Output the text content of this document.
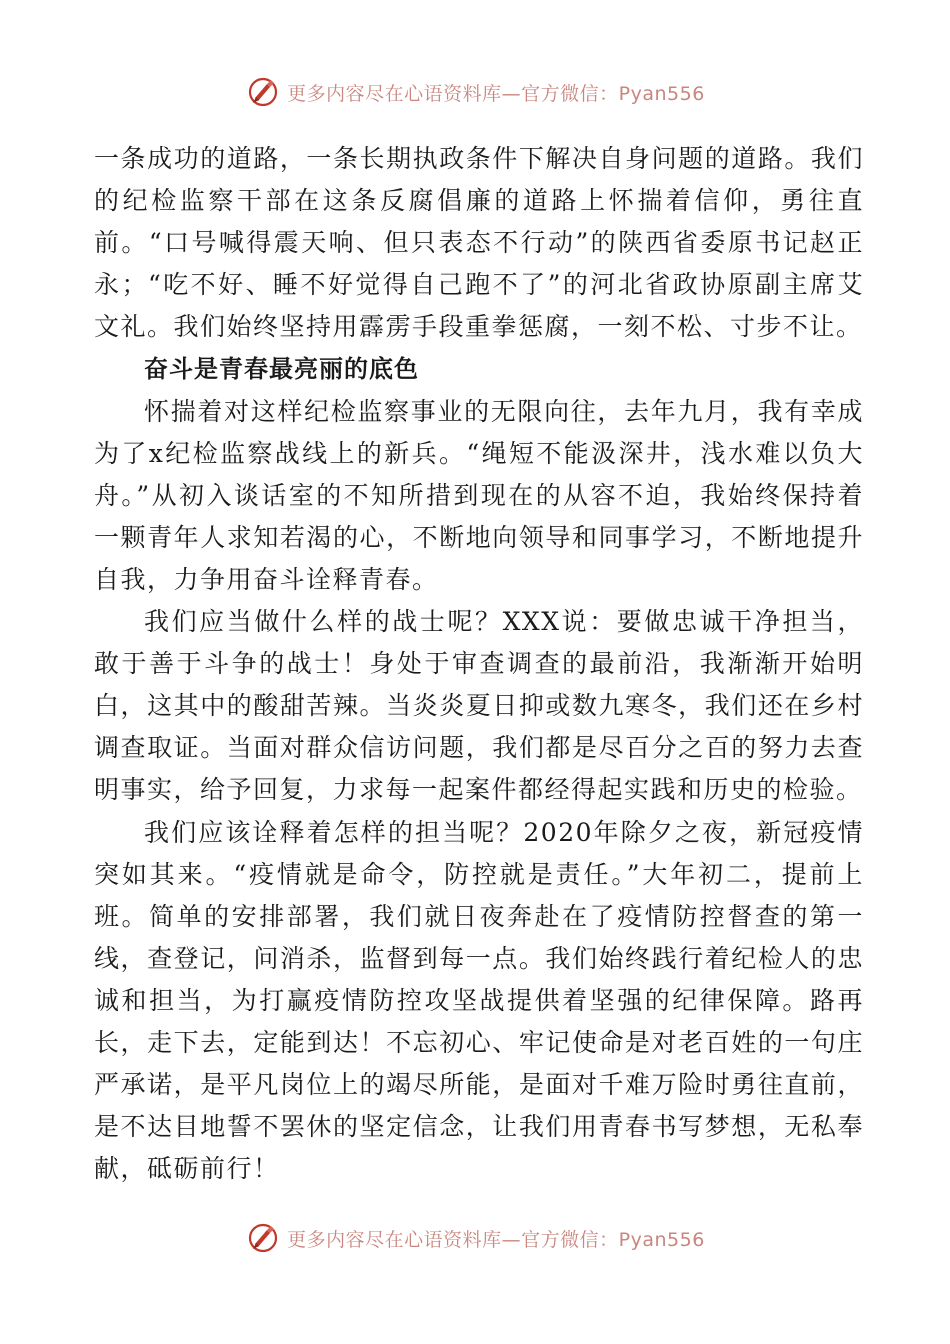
更多内容尽在心语资料库—官方微信：Pyan556

一条成功的道路，一条长期执政条件下解决自身问题的道路。我们的纪检监察干部在这条反腐倡廉的道路上怀揣着信仰，勇往直前。“口号喊得震天响、但只表态不行动”的陕西省委原书记赵正永；“吃不好、睡不好觉得自己跑不了”的河北省政协原副主席艾文礼。我们始终坚持用霹雳手段重拳惩腐，一刻不松、寸步不让。

奋斗是青春最亮丽的底色

怀揣着对这样纪检监察事业的无限向往，去年九月，我有幸成为了x纪检监察战线上的新兵。“绳短不能汲深井，浅水难以负大舟。”从初入谈话室的不知所措到现在的从容不迫，我始终保持着一颗青年人求知若渴的心，不断地向领导和同事学习，不断地提升自我，力争用奋斗诠释青春。

我们应当做什么样的战士呢？XXX说：要做忠诚干净担当，敢于善于斗争的战士！身处于审查调查的最前沿，我渐渐开始明白，这其中的酸甜苦辣。当炎炎夏日抑或数九寒冬，我们还在乡村调查取证。当面对群众信访问题，我们都是尽百分之百的努力去查明事实，给予回复，力求每一起案件都经得起实践和历史的检验。

我们应该诠释着怎样的担当呢？2020年除夕之夜，新冠疫情突如其来。“疫情就是命令，防控就是责任。”大年初二，提前上班。简单的安排部署，我们就日夜奔赴在了疫情防控督查的第一线，查登记，问消杀，监督到每一点。我们始终践行着纪检人的忠诚和担当，为打赢疫情防控攻坚战提供着坚强的纪律保障。路再长，走下去，定能到达！不忘初心、牢记使命是对老百姓的一句庄严承诺，是平凡岗位上的竭尽所能，是面对千难万险时勇往直前，是不达目地誓不罢休的坚定信念，让我们用青春书写梦想，无私奉献，砥砺前行！

更多内容尽在心语资料库—官方微信：Pyan556
